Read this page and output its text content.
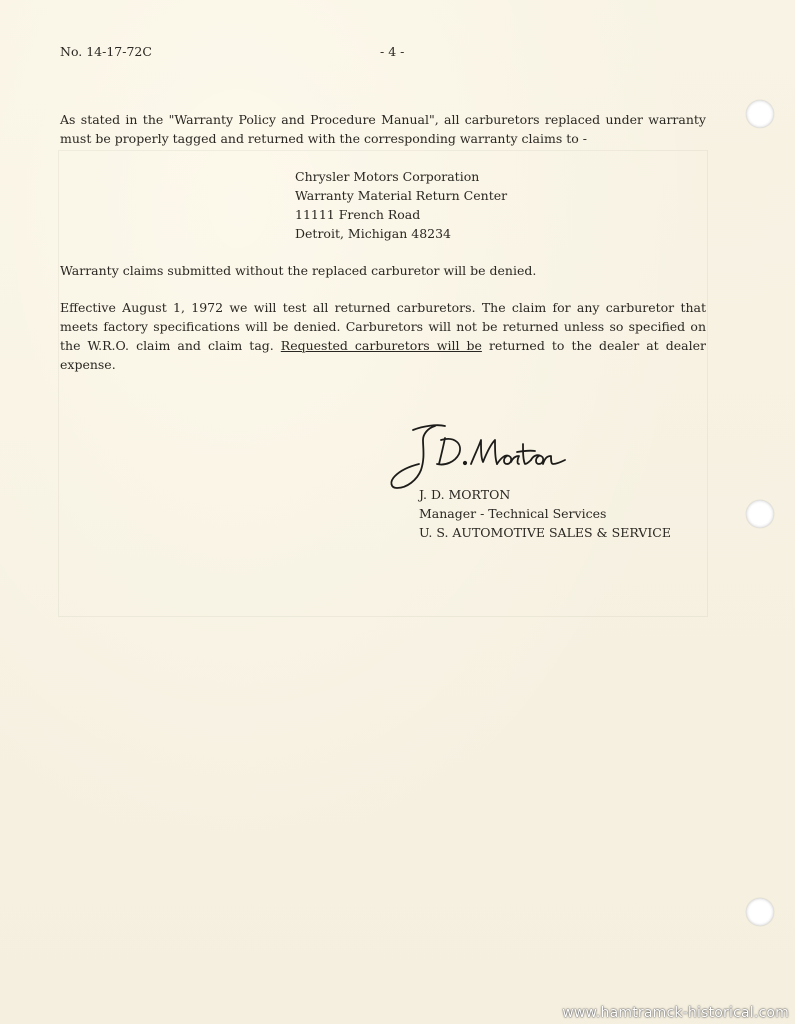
No. 14-17-72C	- 4 -
As stated in the "Warranty Policy and Procedure Manual", all carburetors replaced under warranty must be properly tagged and returned with the corresponding warranty claims to -
Chrysler Motors Corporation
Warranty Material Return Center
11111 French Road
Detroit, Michigan 48234
Warranty claims submitted without the replaced carburetor will be denied.
Effective August 1, 1972 we will test all returned carburetors. The claim for any carburetor that meets factory specifications will be denied. Carburetors will not be returned unless so specified on the W.R.O. claim and claim tag. Requested carburetors will be returned to the dealer at dealer expense.
J. D. MORTON
Manager - Technical Services
U. S. AUTOMOTIVE SALES & SERVICE
www.hamtramck-historical.com
